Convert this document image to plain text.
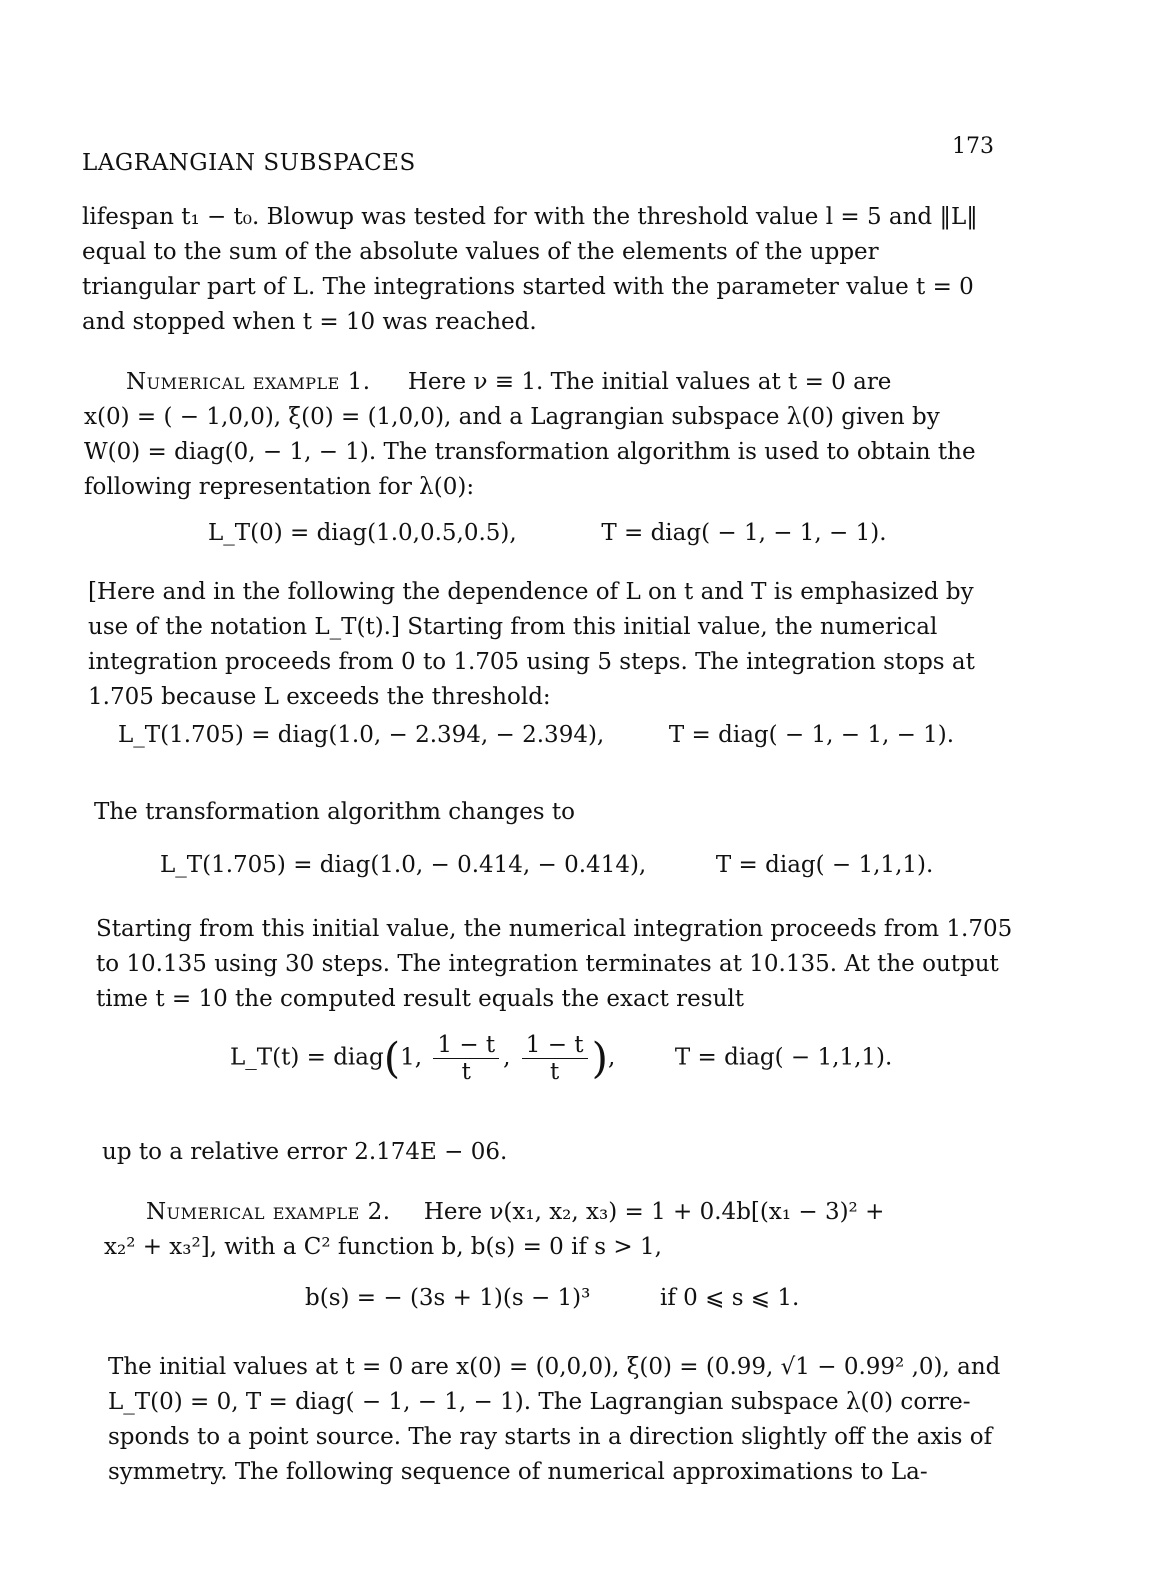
LAGRANGIAN SUBSPACES
173
lifespan t₁ − t₀. Blowup was tested for with the threshold value l = 5 and ‖L‖
equal to the sum of the absolute values of the elements of the upper
triangular part of L. The integrations started with the parameter value t = 0
and stopped when t = 10 was reached.
Numerical example 1. Here ν ≡ 1. The initial values at t = 0 are
x(0) = ( − 1,0,0), ξ(0) = (1,0,0), and a Lagrangian subspace λ(0) given by
W(0) = diag(0, − 1, − 1). The transformation algorithm is used to obtain the
following representation for λ(0):
L_T(0) = diag(1.0,0.5,0.5),	T = diag( − 1, − 1, − 1).
[Here and in the following the dependence of L on t and T is emphasized by
use of the notation L_T(t).] Starting from this initial value, the numerical
integration proceeds from 0 to 1.705 using 5 steps. The integration stops at
1.705 because L exceeds the threshold:
L_T(1.705) = diag(1.0, − 2.394, − 2.394),	T = diag( − 1, − 1, − 1).
The transformation algorithm changes to
L_T(1.705) = diag(1.0, − 0.414, − 0.414),	T = diag( − 1,1,1).
Starting from this initial value, the numerical integration proceeds from 1.705
to 10.135 using 30 steps. The integration terminates at 10.135. At the output
time t = 10 the computed result equals the exact result
L_T(t) = diag(1, $\frac{1 - t}{t}$ , $\frac{1 - t}{t}$ ),  T = diag( − 1,1,1).
up to a relative error 2.174E − 06.
Numerical example 2. Here ν(x₁, x₂, x₃) = 1 + 0.4b[(x₁ − 3)² +
x₂² + x₃²], with a C² function b, b(s) = 0 if s > 1,
b(s) = − (3s + 1)(s − 1)³	if 0 ⩽ s ⩽ 1.
The initial values at t = 0 are x(0) = (0,0,0), ξ(0) = (0.99, √1 − 0.99² ,0), and
L_T(0) = 0, T = diag( − 1, − 1, − 1). The Lagrangian subspace λ(0) corre-
sponds to a point source. The ray starts in a direction slightly off the axis of
symmetry. The following sequence of numerical approximations to La-
